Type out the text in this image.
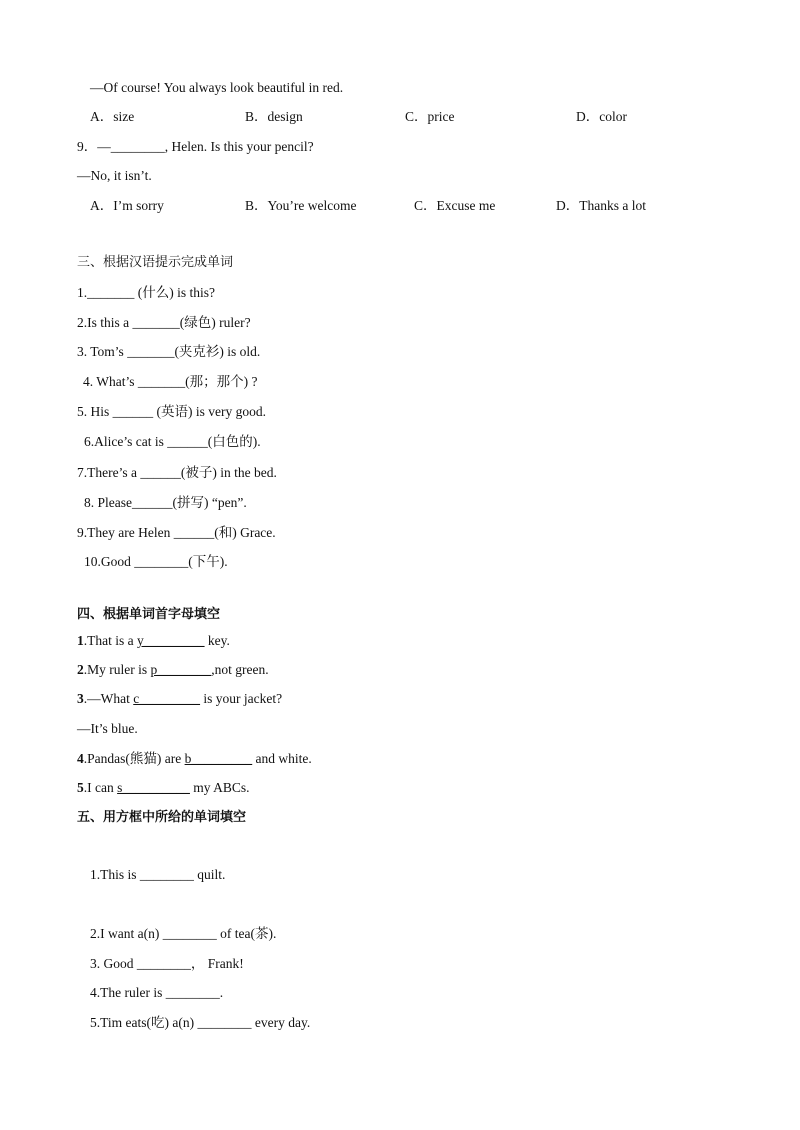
—Of course! You always look beautiful in red.
A．size	B．design	C．price	D．color
9．—________, Helen. Is this your pencil?
—No, it isn’t.
A．I’m sorry	B．You’re welcome	C．Excuse me	D．Thanks a lot
三、根据汉语提示完成单词
1._______ (什么) is this?
2.Is this a _______(绿色) ruler?
3. Tom’s _______(夹克衫) is old.
4. What’s _______(那；那个) ?
5. His ______ (英语) is very good.
6.Alice’s cat is ______(白色的).
7.There’s a ______(被子) in the bed.
8. Please______(拼写) “pen”.
9.They are Helen ______(和) Grace.
10.Good ________(下午).
四、根据单词首字母填空
1.That is a y_________ key.
2.My ruler is p________,not green.
3.—What c_________ is your jacket?
—It’s blue.
4.Pandas(熊猫) are b_________ and white.
5.I can s__________ my ABCs.
五、用方框中所给的单词填空
1.This is ________ quilt.
2.I want a(n) ________ of tea(茶).
3. Good ________， Frank!
4.The ruler is ________.
5.Tim eats(吃) a(n) ________ every day.
